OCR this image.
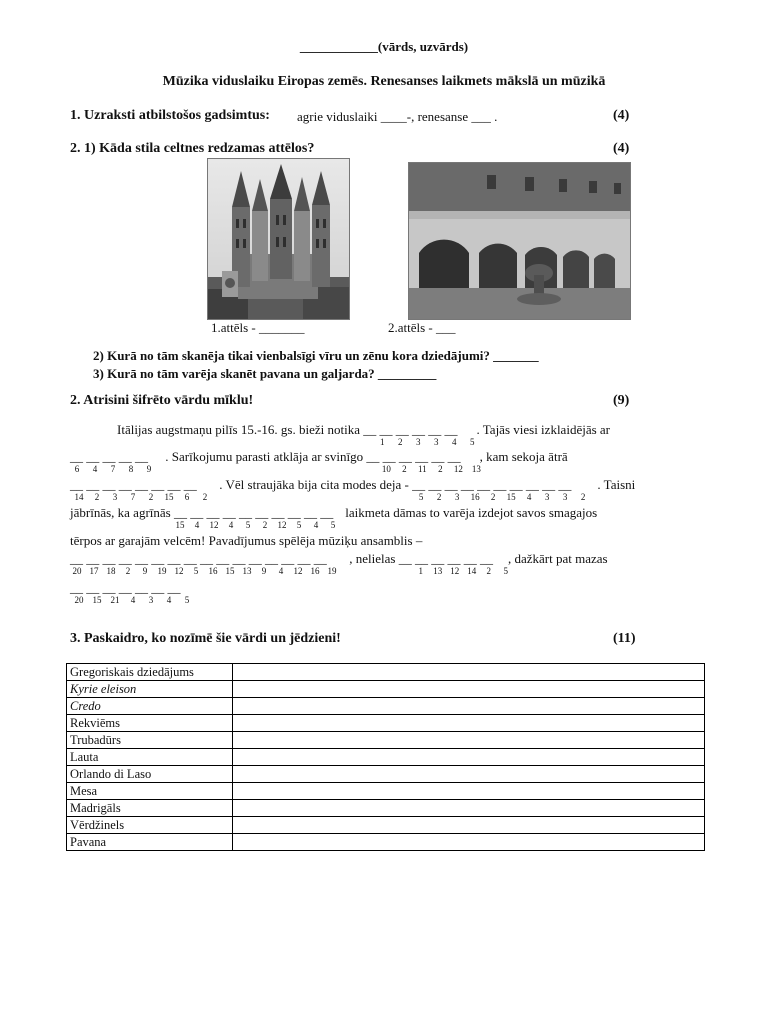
____________(vārds, uzvārds)
Mūzika viduslaiku Eiropas zemēs. Renesanses laikmets mākslā un mūzikā
1. Uzraksti atbilstošos gadsimtus: agrie viduslaiki ____-, renesanse ___ .	(4)
2. 1) Kāda stila celtnes redzamas attēlos?	(4)
1.attēls - _______	2.attēls - ___
2) Kurā no tām skanēja tikai vienbalsīgi vīru un zēnu kora dziedājumi? _______
3) Kurā no tām varēja skanēt pavana un galjarda? _________
2. Atrisini šifrēto vārdu mīklu!	(9)
Itālijas augstmaņu pilīs 15.-16. gs. bieži notika __ __ __ __ __ __
1	2	3	3	4	5
. Tajās viesi izklaidējās ar
__ __ __ __ __
6	4	7	8	9
. Sarīkojumu parasti atklāja ar svinīgo __ __ __ __ __ __
10	2	11	2	12	13
, kam sekoja ātrā
__ __ __ __ __ __ __ __
14	2	3	7	2	15	6	2
. Vēl straujāka bija cita modes deja - __ __ __ __ __ __ __ __ __ __
5	2	3	16	2	15	4	3	3	2
. Taisni
jābrīnās, ka agrīnās __ __ __ __ __ __ __ __ __ __
15	4	12	4	5	2	12	5	4	5
laikmeta dāmas to varēja izdejot savos smagajos
tērpos ar garajām velcēm! Pavadījumus spēlēja mūziķu ansamblis –
__ __ __ __ __ __ __ __ __ __ __ __ __ __ __ __
20 17 18	2	9	19 12	5	16 15 13	9	4	12 16 19
, nelielas __ __ __ __ __ __
1	13 12 14	2	5
, dažkārt pat mazas
__ __ __ __ __ __ __
20	15	21	4	3	4	5
3. Paskaidro, ko nozīmē šie vārdi un jēdzieni!	(11)
Gregoriskais dziedājums	
Kyrie eleison	
Credo	
Rekviēms	
Trubadūrs	
Lauta	
Orlando di Laso	
Mesa	
Madrigāls	
Vērdžinels	
Pavana	
